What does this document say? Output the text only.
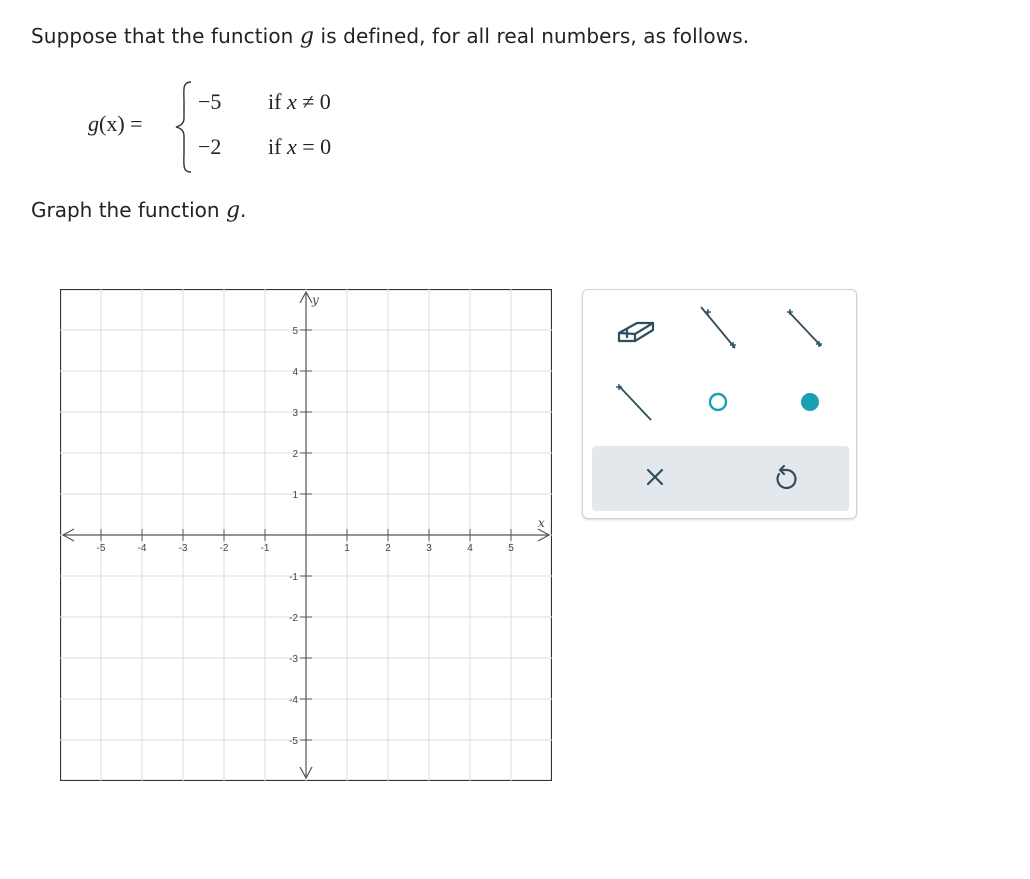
Suppose that the function g is defined, for all real numbers, as follows.
g(x) =
−5 if x ≠ 0
−2 if x = 0
Graph the function g.
-5	-4	-3	-2	-1	1	2	3	4	5
5
4
3
2
1
-1
-2
-3
-4
-5
x
y
